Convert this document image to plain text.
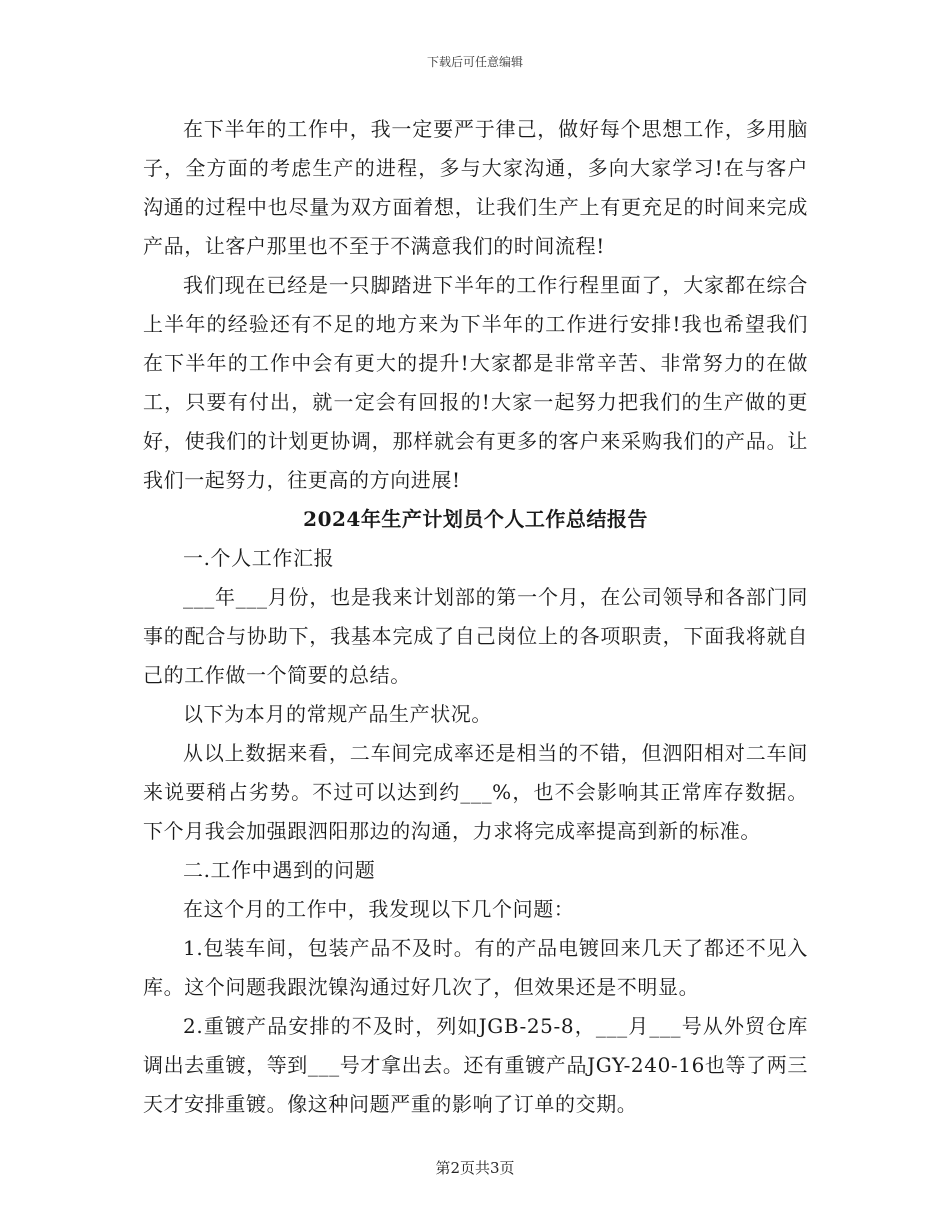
下载后可任意编辑

在下半年的工作中，我一定要严于律己，做好每个思想工作，多用脑子，全方面的考虑生产的进程，多与大家沟通，多向大家学习!在与客户沟通的过程中也尽量为双方面着想，让我们生产上有更充足的时间来完成产品，让客户那里也不至于不满意我们的时间流程!

我们现在已经是一只脚踏进下半年的工作行程里面了，大家都在综合上半年的经验还有不足的地方来为下半年的工作进行安排!我也希望我们在下半年的工作中会有更大的提升!大家都是非常辛苦、非常努力的在做工，只要有付出，就一定会有回报的!大家一起努力把我们的生产做的更好，使我们的计划更协调，那样就会有更多的客户来采购我们的产品。让我们一起努力，往更高的方向进展!

2024年生产计划员个人工作总结报告

一.个人工作汇报

___年___月份，也是我来计划部的第一个月，在公司领导和各部门同事的配合与协助下，我基本完成了自己岗位上的各项职责，下面我将就自己的工作做一个简要的总结。

以下为本月的常规产品生产状况。

从以上数据来看，二车间完成率还是相当的不错，但泗阳相对二车间来说要稍占劣势。不过可以达到约___%，也不会影响其正常库存数据。下个月我会加强跟泗阳那边的沟通，力求将完成率提高到新的标准。

二.工作中遇到的问题

在这个月的工作中，我发现以下几个问题：

1.包装车间，包装产品不及时。有的产品电镀回来几天了都还不见入库。这个问题我跟沈镍沟通过好几次了，但效果还是不明显。

2.重镀产品安排的不及时，列如JGB-25-8，___月___号从外贸仓库调出去重镀，等到___号才拿出去。还有重镀产品JGY-240-16也等了两三天才安排重镀。像这种问题严重的影响了订单的交期。

第2页共3页
